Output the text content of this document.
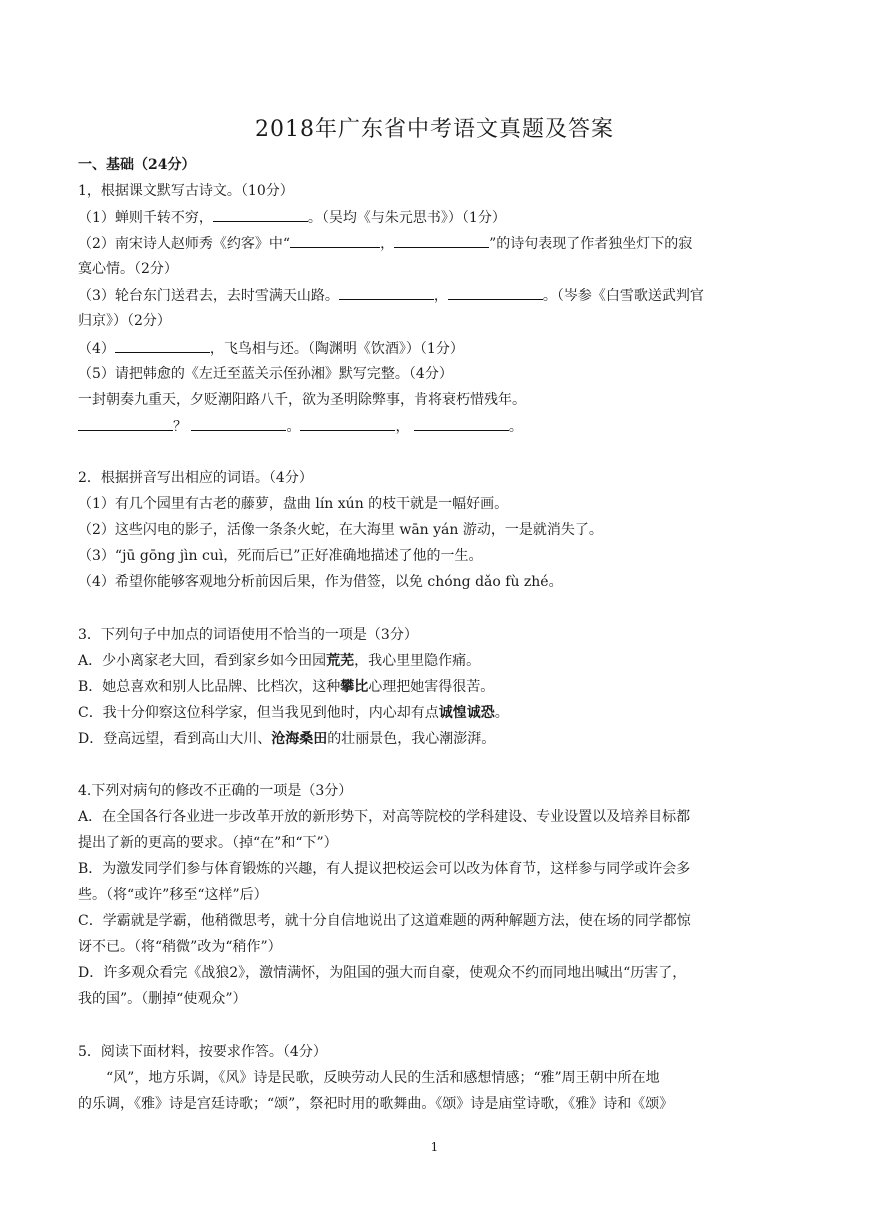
2018年广东省中考语文真题及答案
一、基础（24分）
1，根据课文默写古诗文。（10分）
（1）蝉则千转不穷，	。（吴均《与朱元思书》）（1分）
（2）南宋诗人赵师秀《约客》中“	，	”的诗句表现了作者独坐灯下的寂
寞心情。（2分）
（3）轮台东门送君去，去时雪满天山路。	，	。（岑参《白雪歌送武判官
归京》）（2分）
（4）	，飞鸟相与还。（陶渊明《饮酒》）（1分）
（5）请把韩愈的《左迁至蓝关示侄孙湘》默写完整。（4分）
一封朝奏九重天，夕贬潮阳路八千，欲为圣明除弊事，肯将衰朽惜残年。
？	。	，	。
2．根据拼音写出相应的词语。（4分）
（1）有几个园里有古老的藤萝，盘曲 lín xún 的枝干就是一幅好画。
（2）这些闪电的影子，活像一条条火蛇，在大海里 wān yán 游动，一是就消失了。
（3）“jū gōng jìn cuì，死而后已”正好准确地描述了他的一生。
（4）希望你能够客观地分析前因后果，作为借签，以免 chóng dǎo fù zhé。
3．下列句子中加点的词语使用不恰当的一项是（3分）
A．少小离家老大回，看到家乡如今田园荒芜，我心里里隐作痛。
B．她总喜欢和别人比品牌、比档次，这种攀比心理把她害得很苦。
C．我十分仰察这位科学家，但当我见到他时，内心却有点诚惶诚恐。
D．登高远望，看到高山大川、沧海桑田的壮丽景色，我心潮澎湃。
4.下列对病句的修改不正确的一项是（3分）
A．在全国各行各业进一步改革开放的新形势下，对高等院校的学科建设、专业设置以及培养目标都
提出了新的更高的要求。（掉“在”和“下”）
B．为激发同学们参与体育锻炼的兴趣，有人提议把校运会可以改为体育节，这样参与同学或许会多
些。（将“或许”移至“这样”后）
C．学霸就是学霸，他稍微思考，就十分自信地说出了这道难题的两种解题方法，使在场的同学都惊
讶不已。（将“稍微”改为“稍作”）
D．许多观众看完《战狼2》，激情满怀，为阻国的强大而自豪，使观众不约而同地出喊出“历害了，
我的国”。（删掉“使观众”）
5．阅读下面材料，按要求作答。（4分）
“风”，地方乐调，《风》诗是民歌，反映劳动人民的生活和感想情感；“雅”周王朝中所在地
的乐调，《雅》诗是宫廷诗歌；“颂”，祭祀时用的歌舞曲。《颂》诗是庙堂诗歌，《雅》诗和《颂》
1
